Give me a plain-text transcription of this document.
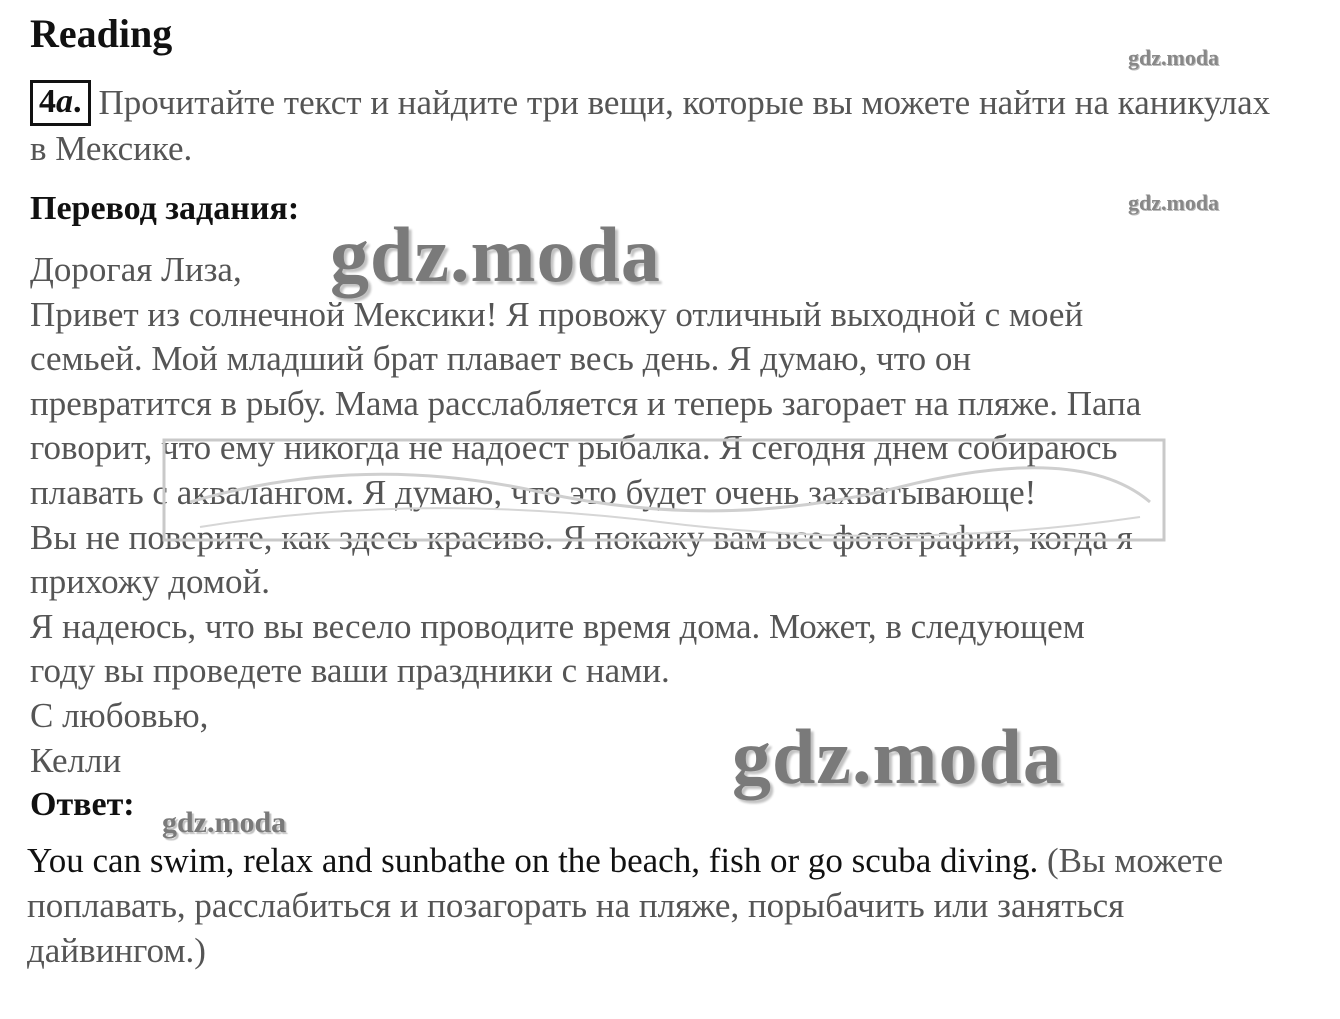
Reading
gdz.moda

4a. Прочитайте текст и найдите три вещи, которые вы можете найти на каникулах в Мексике.

Перевод задания:	gdz.moda
Дорогая Лиза,
Привет из солнечной Мексики! Я провожу отличный выходной с моей
семьей. Мой младший брат плавает весь день. Я думаю, что он
превратится в рыбу. Мама расслабляется и теперь загорает на пляже. Папа
говорит, что ему никогда не надоест рыбалка. Я сегодня днем собираюсь
плавать с аквалангом. Я думаю, что это будет очень захватывающе!
Вы не поверите, как здесь красиво. Я покажу вам все фотографии, когда я
прихожу домой.
Я надеюсь, что вы весело проводите время дома. Может, в следующем
году вы проведете ваши праздники с нами.
С любовью,
Келли
gdz.moda
gdz.moda

Ответ: gdz.moda

You can swim, relax and sunbathe on the beach, fish or go scuba diving. (Вы можете поплавать, расслабиться и позагорать на пляже, порыбачить или заняться дайвингом.)
